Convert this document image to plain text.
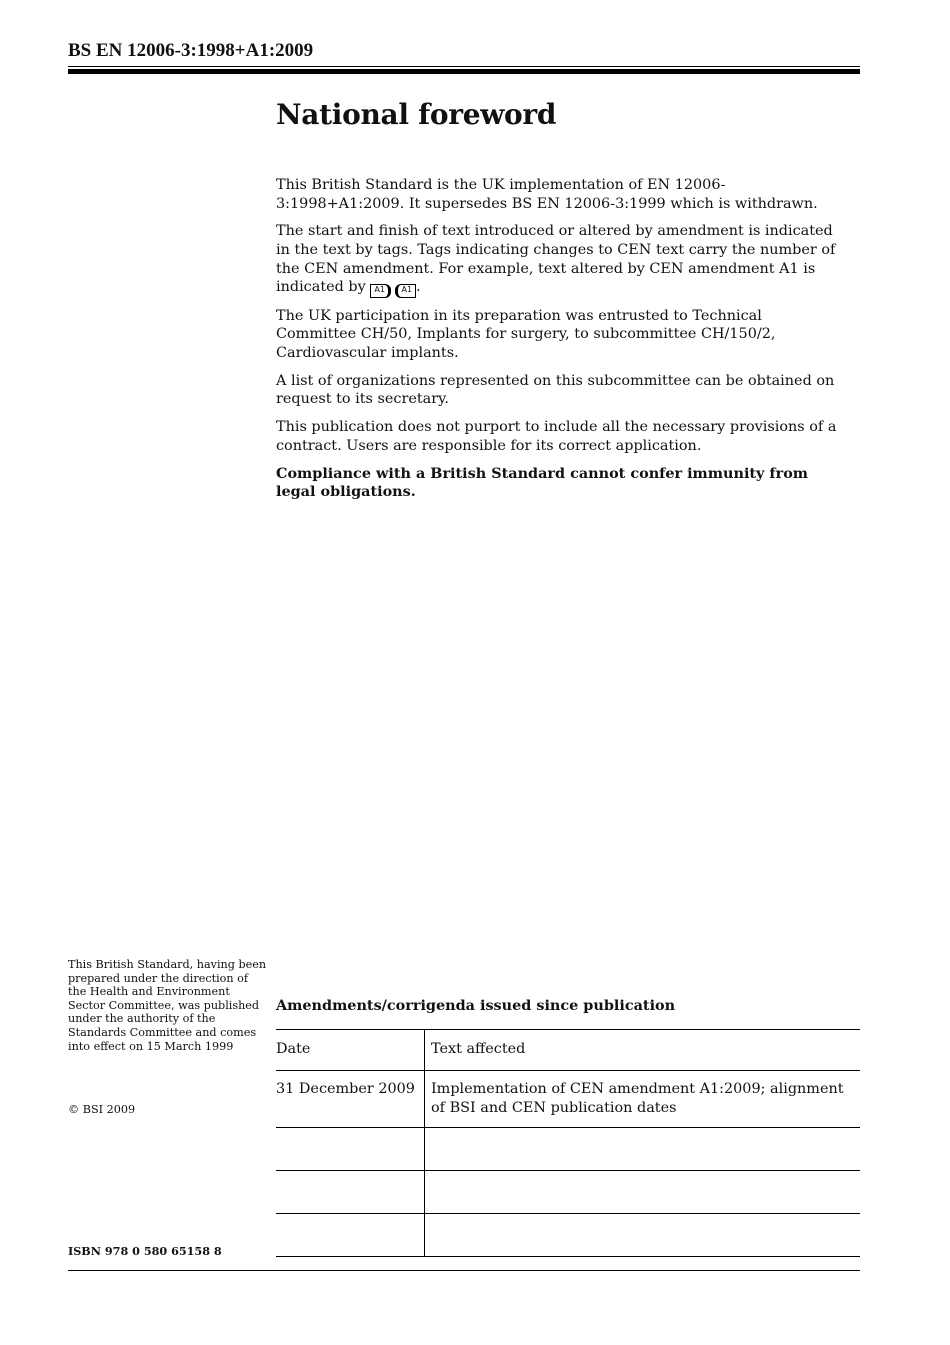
BS EN 12006-3:1998+A1:2009
National foreword

This British Standard is the UK implementation of EN 12006-3:1998+A1:2009. It supersedes BS EN 12006-3:1999 which is withdrawn.

The start and finish of text introduced or altered by amendment is indicated in the text by tags. Tags indicating changes to CEN text carry the number of the CEN amendment. For example, text altered by CEN amendment A1 is indicated by A1 A1 .

The UK participation in its preparation was entrusted to Technical Committee CH/50, Implants for surgery, to subcommittee CH/150/2, Cardiovascular implants.

A list of organizations represented on this subcommittee can be obtained on request to its secretary.

This publication does not purport to include all the necessary provisions of a contract. Users are responsible for its correct application.

Compliance with a British Standard cannot confer immunity from legal obligations.

This British Standard, having been prepared under the direction of the Health and Environment Sector Committee, was published under the authority of the Standards Committee and comes into effect on 15 March 1999

© BSI 2009
ISBN 978 0 580 65158 8
Amendments/corrigenda issued since publication
Date	Text affected
31 December 2009	Implementation of CEN amendment A1:2009; alignment of BSI and CEN publication dates
